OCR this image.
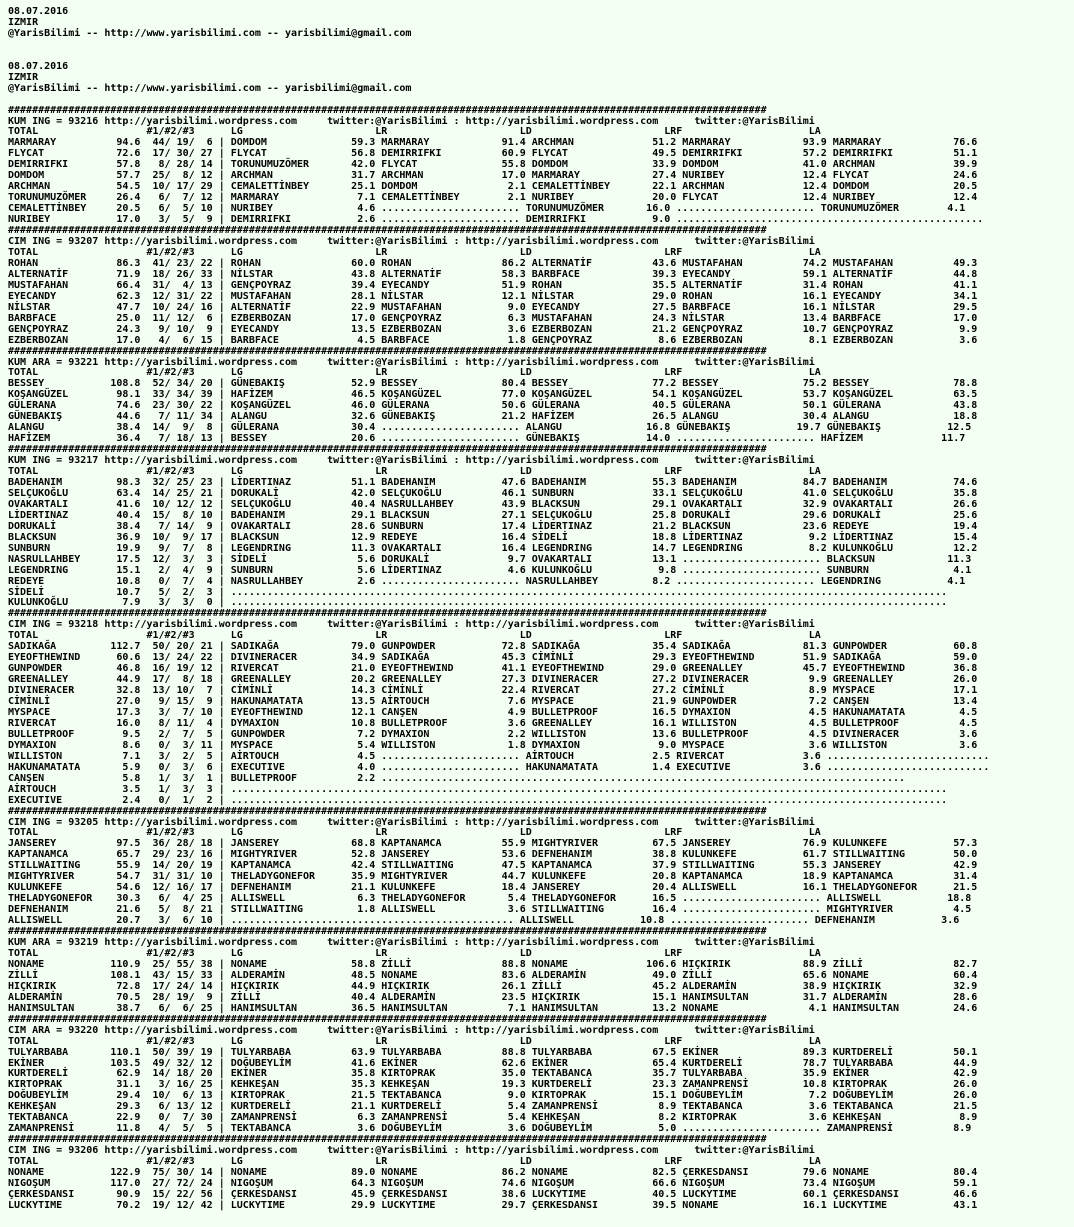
08.07.2016
IZMIR
@YarisBilimi -- http://www.yarisbilimi.com -- yarisbilimi@gmail.com

08.07.2016
IZMIR
@YarisBilimi -- http://www.yarisbilimi.com -- yarisbilimi@gmail.com

##############################################################################################################################
KUM ING = 93216 http://yarisbilimi.wordpress.com     twitter:@YarisBilimi : http://yarisbilimi.wordpress.com      twitter:@YarisBilimi
TOTAL                  #1/#2/#3      LG                      LR                      LD                      LRF                     LA
MARMARAY          94.6  44/ 19/  6 | DOMDOM              59.3 MARMARAY            91.4 ARCHMAN             51.2 MARMARAY            93.9 MARMARAY            76.6
FLYCAT            72.6  17/ 30/ 27 | FLYCAT              56.8 DEMIRRIFKI          60.9 FLYCAT              49.5 DEMIRRIFKI          57.2 DEMIRRIFKI          51.1
DEMIRRIFKI        57.8   8/ 28/ 14 | TORUNUMUZÖMER       42.0 FLYCAT              55.8 DOMDOM              33.9 DOMDOM              41.0 ARCHMAN             39.9
DOMDOM            57.7  25/  8/ 12 | ARCHMAN             31.7 ARCHMAN             17.0 MARMARAY            27.4 NURIBEY             12.4 FLYCAT              24.6
ARCHMAN           54.5  10/ 17/ 29 | CEMALETTİNBEY       25.1 DOMDOM               2.1 CEMALETTİNBEY       22.1 ARCHMAN             12.4 DOMDOM              20.5
TORUNUMUZÖMER     26.4   6/  7/ 12 | MARMARAY             7.1 CEMALETTİNBEY        2.1 NURIBEY             20.0 FLYCAT              12.4 NURIBEY             12.4
CEMALETTİNBEY     20.5   6/  5/ 10 | NURIBEY              4.6 ....................... TORUNUMUZÖMER       16.0 ....................... TORUNUMUZÖMER        4.1
NURIBEY           17.0   3/  5/  9 | DEMIRRIFKI           2.6 ....................... DEMIRRIFKI           9.0 ...................................................
##############################################################################################################################
CIM ING = 93207 http://yarisbilimi.wordpress.com     twitter:@YarisBilimi : http://yarisbilimi.wordpress.com      twitter:@YarisBilimi
TOTAL                  #1/#2/#3      LG                      LR                      LD                      LRF                     LA
ROHAN             86.3  41/ 23/ 22 | ROHAN               60.0 ROHAN               86.2 ALTERNATİF          43.6 MUSTAFAHAN          74.2 MUSTAFAHAN          49.3
ALTERNATİF        71.9  18/ 26/ 33 | NİLSTAR             43.8 ALTERNATİF          58.3 BARBFACE            39.3 EYECANDY            59.1 ALTERNATİF          44.8
MUSTAFAHAN        66.4  31/  4/ 13 | GENÇPOYRAZ          39.4 EYECANDY            51.9 ROHAN               35.5 ALTERNATİF          31.4 ROHAN               41.1
EYECANDY          62.3  12/ 31/ 22 | MUSTAFAHAN          28.1 NİLSTAR             12.1 NİLSTAR             29.0 ROHAN               16.1 EYECANDY            34.1
NİLSTAR           47.7  10/ 24/ 16 | ALTERNATİF          22.9 MUSTAFAHAN           9.0 EYECANDY            27.5 BARBFACE            16.1 NİLSTAR             29.5
BARBFACE          25.0  11/ 12/  6 | EZBERBOZAN          17.0 GENÇPOYRAZ           6.3 MUSTAFAHAN          24.3 NİLSTAR             13.4 BARBFACE            17.0
GENÇPOYRAZ        24.3   9/ 10/  9 | EYECANDY            13.5 EZBERBOZAN           3.6 EZBERBOZAN          21.2 GENÇPOYRAZ          10.7 GENÇPOYRAZ           9.9
EZBERBOZAN        17.0   4/  6/ 15 | BARBFACE             4.5 BARBFACE             1.8 GENÇPOYRAZ           8.6 EZBERBOZAN           8.1 EZBERBOZAN           3.6
##############################################################################################################################
KUM ARA = 93221 http://yarisbilimi.wordpress.com     twitter:@YarisBilimi : http://yarisbilimi.wordpress.com      twitter:@YarisBilimi
TOTAL                  #1/#2/#3      LG                      LR                      LD                      LRF                     LA
BESSEY           108.8  52/ 34/ 20 | GÜNEBAKIŞ           52.9 BESSEY              80.4 BESSEY              77.2 BESSEY              75.2 BESSEY              78.8
KOŞANGÜZEL        98.1  33/ 34/ 39 | HAFİZEM             46.5 KOŞANGÜZEL          77.0 KOŞANGÜZEL          54.1 KOŞANGÜZEL          53.7 KOŞANGÜZEL          63.5
GÜLERANA          74.6  23/ 30/ 22 | KOŞANGÜZEL          46.0 GÜLERANA            50.6 GÜLERANA            40.5 GÜLERANA            50.1 GÜLERANA            43.8
GÜNEBAKIŞ         44.6   7/ 11/ 34 | ALANGU              32.6 GÜNEBAKIŞ           21.2 HAFİZEM             26.5 ALANGU              30.4 ALANGU              18.8
ALANGU            38.4  14/  9/  8 | GÜLERANA            30.4 ....................... ALANGU              16.8 GÜNEBAKIŞ           19.7 GÜNEBAKIŞ           12.5
HAFİZEM           36.4   7/ 18/ 13 | BESSEY              20.6 ....................... GÜNEBAKIŞ           14.0 ....................... HAFİZEM             11.7
##############################################################################################################################
KUM ING = 93217 http://yarisbilimi.wordpress.com     twitter:@YarisBilimi : http://yarisbilimi.wordpress.com      twitter:@YarisBilimi
TOTAL                  #1/#2/#3      LG                      LR                      LD                      LRF                     LA
BADEHANIM         98.3  32/ 25/ 23 | LİDERTINAZ          51.1 BADEHANIM           47.6 BADEHANIM           55.3 BADEHANIM           84.7 BADEHANIM           74.6
SELÇUKOĞLU        63.4  14/ 25/ 21 | DORUKALİ            42.0 SELÇUKOĞLU          46.1 SUNBURN             33.1 SELÇUKOĞLU          41.0 SELÇUKOĞLU          35.8
OVAKARTALI        41.6  10/ 12/ 12 | SELÇUKOĞLU          40.4 NASRULLAHBEY        43.9 BLACKSUN            29.1 OVAKARTALI          32.9 OVAKARTALI          26.6
LİDERTINAZ        40.4  15/  8/ 10 | BADEHANIM           29.1 BLACKSUN            27.1 SELÇUKOĞLU          25.8 DORUKALİ            29.6 DORUKALİ            25.6
DORUKALİ          38.4   7/ 14/  9 | OVAKARTALI          28.6 SUNBURN             17.4 LİDERTINAZ          21.2 BLACKSUN            23.6 REDEYE              19.4
BLACKSUN          36.9  10/  9/ 17 | BLACKSUN            12.9 REDEYE              16.4 SİDELİ              18.8 LİDERTINAZ           9.2 LİDERTINAZ          15.4
SUNBURN           19.9   9/  7/  8 | LEGENDRING          11.3 OVAKARTALI          16.4 LEGENDRING          14.7 LEGENDRING           8.2 KULUNKOĞLU          12.2
NASRULLAHBEY      17.5  12/  3/  3 | SİDELİ               5.6 DORUKALİ             9.7 OVAKARTALI          13.1 ....................... BLACKSUN            11.3
LEGENDRING        15.1   2/  4/  9 | SUNBURN              5.6 LİDERTINAZ           4.6 KULUNKOĞLU           9.8 ....................... SUNBURN              4.1
REDEYE            10.8   0/  7/  4 | NASRULLAHBEY         2.6 ....................... NASRULLAHBEY         8.2 ....................... LEGENDRING           4.1
SİDELİ            10.7   5/  2/  3 | .......................................................................................................................
KULUNKOĞLU         7.9   3/  3/  0 | .......................................................................................................................
##############################################################################################################################
CIM ING = 93218 http://yarisbilimi.wordpress.com     twitter:@YarisBilimi : http://yarisbilimi.wordpress.com      twitter:@YarisBilimi
TOTAL                  #1/#2/#3      LG                      LR                      LD                      LRF                     LA
SADIKAĞA         112.7  50/ 20/ 21 | SADIKAĞA            79.0 GUNPOWDER           72.8 SADIKAĞA            35.4 SADIKAĞA            81.3 GUNPOWDER           60.8
EYEOFTHEWIND      60.6  13/ 24/ 22 | DIVINERACER         34.9 SADIKAĞA            45.3 CİMİNLİ             29.3 EYEOFTHEWIND        51.9 SADIKAĞA            59.0
GUNPOWDER         46.8  16/ 19/ 12 | RIVERCAT            21.0 EYEOFTHEWIND        41.1 EYEOFTHEWIND        29.0 GREENALLEY          45.7 EYEOFTHEWIND        36.8
GREENALLEY        44.9  17/  8/ 18 | GREENALLEY          20.2 GREENALLEY          27.3 DIVINERACER         27.2 DIVINERACER          9.9 GREENALLEY          26.0
DIVINERACER       32.8  13/ 10/  7 | CİMİNLİ             14.3 CİMİNLİ             22.4 RIVERCAT            27.2 CİMİNLİ              8.9 MYSPACE             17.1
CİMİNLİ           27.0   9/ 15/  9 | HAKUNAMATATA        13.5 AİRTOUCH             7.6 MYSPACE             21.9 GUNPOWDER            7.2 CANŞEN              13.4
MYSPACE           17.3   3/  7/ 10 | EYEOFTHEWIND        12.1 CANŞEN               4.9 BULLETPROOF         16.5 DYMAXION             4.5 HAKUNAMATATA         4.5
RIVERCAT          16.0   8/ 11/  4 | DYMAXION            10.8 BULLETPROOF          3.6 GREENALLEY          16.1 WILLISTON            4.5 BULLETPROOF          4.5
BULLETPROOF        9.5   2/  7/  5 | GUNPOWDER            7.2 DYMAXION             2.2 WILLISTON           13.6 BULLETPROOF          4.5 DIVINERACER          3.6
DYMAXION           8.6   0/  3/ 11 | MYSPACE              5.4 WILLISTON            1.8 DYMAXION             9.0 MYSPACE              3.6 WILLISTON            3.6
WILLISTON          7.1   3/  2/  5 | AİRTOUCH             4.5 ....................... AİRTOUCH             2.5 RIVERCAT             3.6 ...........................
HAKUNAMATATA       5.9   0/  3/  6 | EXECUTIVE            4.0 ....................... HAKUNAMATATA         1.4 EXECUTIVE            3.6 ...........................
CANŞEN             5.8   1/  3/  1 | BULLETPROOF          2.2 .......................................................................................
AİRTOUCH           3.5   1/  3/  3 | .......................................................................................................................
EXECUTIVE          2.4   0/  1/  2 | .......................................................................................................................
##############################################################################################################################
CIM ING = 93205 http://yarisbilimi.wordpress.com     twitter:@YarisBilimi : http://yarisbilimi.wordpress.com      twitter:@YarisBilimi
TOTAL                  #1/#2/#3      LG                      LR                      LD                      LRF                     LA
JANSEREY          97.5  36/ 28/ 18 | JANSEREY            68.8 KAPTANAMCA          55.9 MIGHTYRIVER         67.5 JANSEREY            76.9 KULUNKEFE           57.3
KAPTANAMCA        65.7  29/ 23/ 16 | MIGHTYRIVER         52.8 JANSEREY            53.6 DEFNEHANIM          38.8 KULUNKEFE           61.7 STILLWAITING        50.0
STILLWAITING      55.9  14/ 20/ 19 | KAPTANAMCA          42.4 STILLWAITING        47.5 KAPTANAMCA          37.9 STILLWAITING        55.3 JANSEREY            42.9
MIGHTYRIVER       54.7  31/ 31/ 10 | THELADYGONEFOR      35.9 MIGHTYRIVER         44.7 KULUNKEFE           20.8 KAPTANAMCA          18.9 KAPTANAMCA          31.4
KULUNKEFE         54.6  12/ 16/ 17 | DEFNEHANIM          21.1 KULUNKEFE           18.4 JANSEREY            20.4 ALLISWELL           16.1 THELADYGONEFOR      21.5
THELADYGONEFOR    30.3   6/  4/ 25 | ALLISWELL            6.3 THELADYGONEFOR       5.4 THELADYGONEFOR      16.5 ....................... ALLISWELL           18.8
DEFNEHANIM        21.6   5/  8/ 21 | STILLWAITING         1.8 ALLISWELL            3.6 STILLWAITING        16.4 ....................... MIGHTYRIVER          4.5
ALLISWELL         20.7   3/  6/ 10 | ............................................... ALLISWELL           10.8 ....................... DEFNEHANIM           3.6
##############################################################################################################################
KUM ARA = 93219 http://yarisbilimi.wordpress.com     twitter:@YarisBilimi : http://yarisbilimi.wordpress.com      twitter:@YarisBilimi
TOTAL                  #1/#2/#3      LG                      LR                      LD                      LRF                     LA
NONAME           110.9  25/ 55/ 38 | NONAME              58.8 ZİLLİ               88.8 NONAME             106.6 HIÇKIRIK            88.9 ZİLLİ               82.7
ZİLLİ            108.1  43/ 15/ 33 | ALDERAMİN           48.5 NONAME              83.6 ALDERAMİN           49.0 ZİLLİ               65.6 NONAME              60.4
HIÇKIRIK          72.8  17/ 24/ 14 | HIÇKIRIK            44.9 HIÇKIRIK            26.1 ZİLLİ               45.2 ALDERAMİN           38.9 HIÇKIRIK            32.9
ALDERAMİN         70.5  28/ 19/  9 | ZİLLİ               40.4 ALDERAMİN           23.5 HIÇKIRIK            15.1 HANIMSULTAN         31.7 ALDERAMİN           28.6
HANIMSULTAN       38.7   6/  6/ 25 | HANIMSULTAN         36.5 HANIMSULTAN          7.1 HANIMSULTAN         13.2 NONAME               4.1 HANIMSULTAN         24.6
##############################################################################################################################
CIM ARA = 93220 http://yarisbilimi.wordpress.com     twitter:@YarisBilimi : http://yarisbilimi.wordpress.com      twitter:@YarisBilimi
TOTAL                  #1/#2/#3      LG                      LR                      LD                      LRF                     LA
TULYARBABA       110.1  50/ 39/ 19 | TULYARBABA          63.9 TULYARBABA          88.8 TULYARBABA          67.5 EKİNER              89.3 KURTDERELİ          50.1
EKİNER           103.5  49/ 32/ 12 | DOĞUBEYLİM          41.6 EKİNER              62.6 EKİNER              65.4 KURTDERELİ          78.7 TULYARBABA          44.9
KURTDERELİ        62.9  14/ 18/ 20 | EKİNER              35.8 KIRTOPRAK           35.0 TEKTABANCA          35.7 TULYARBABA          35.9 EKİNER              42.9
KIRTOPRAK         31.1   3/ 16/ 25 | KEHKEŞAN            35.3 KEHKEŞAN            19.3 KURTDERELİ          23.3 ZAMANPRENSİ         10.8 KIRTOPRAK           26.0
DOĞUBEYLİM        29.4  10/  6/ 13 | KIRTOPRAK           21.5 TEKTABANCA           9.0 KIRTOPRAK           15.1 DOĞUBEYLİM           7.2 DOĞUBEYLİM          26.0
KEHKEŞAN          29.3   6/ 13/ 12 | KURTDERELİ          21.1 KURTDERELİ           5.4 ZAMANPRENSİ          8.9 TEKTABANCA           3.6 TEKTABANCA          21.5
TEKTABANCA        22.9   0/  7/ 30 | ZAMANPRENSİ          6.3 ZAMANPRENSİ          5.4 KEHKEŞAN             8.2 KIRTOPRAK            3.6 KEHKEŞAN             8.9
ZAMANPRENSİ       11.8   4/  5/  5 | TEKTABANCA           3.6 DOĞUBEYLİM           3.6 DOĞUBEYLİM           5.0 ....................... ZAMANPRENSİ          8.9
##############################################################################################################################
CIM ING = 93206 http://yarisbilimi.wordpress.com     twitter:@YarisBilimi : http://yarisbilimi.wordpress.com      twitter:@YarisBilimi
TOTAL                  #1/#2/#3      LG                      LR                      LD                      LRF                     LA
NONAME           122.9  75/ 30/ 14 | NONAME              89.0 NONAME              86.2 NONAME              82.5 ÇERKESDANSI         79.6 NONAME              80.4
NIGOŞUM          117.0  27/ 72/ 24 | NIGOŞUM             64.3 NIGOŞUM             74.6 NIGOŞUM             66.6 NIGOŞUM             73.4 NIGOŞUM             59.1
ÇERKESDANSI       90.9  15/ 22/ 56 | ÇERKESDANSI         45.9 ÇERKESDANSI         38.6 LUCKYTIME           40.5 LUCKYTIME           60.1 ÇERKESDANSI         46.6
LUCKYTIME         70.2  19/ 12/ 42 | LUCKYTIME           29.9 LUCKYTIME           29.7 ÇERKESDANSI         39.5 NONAME              16.1 LUCKYTIME           43.1
